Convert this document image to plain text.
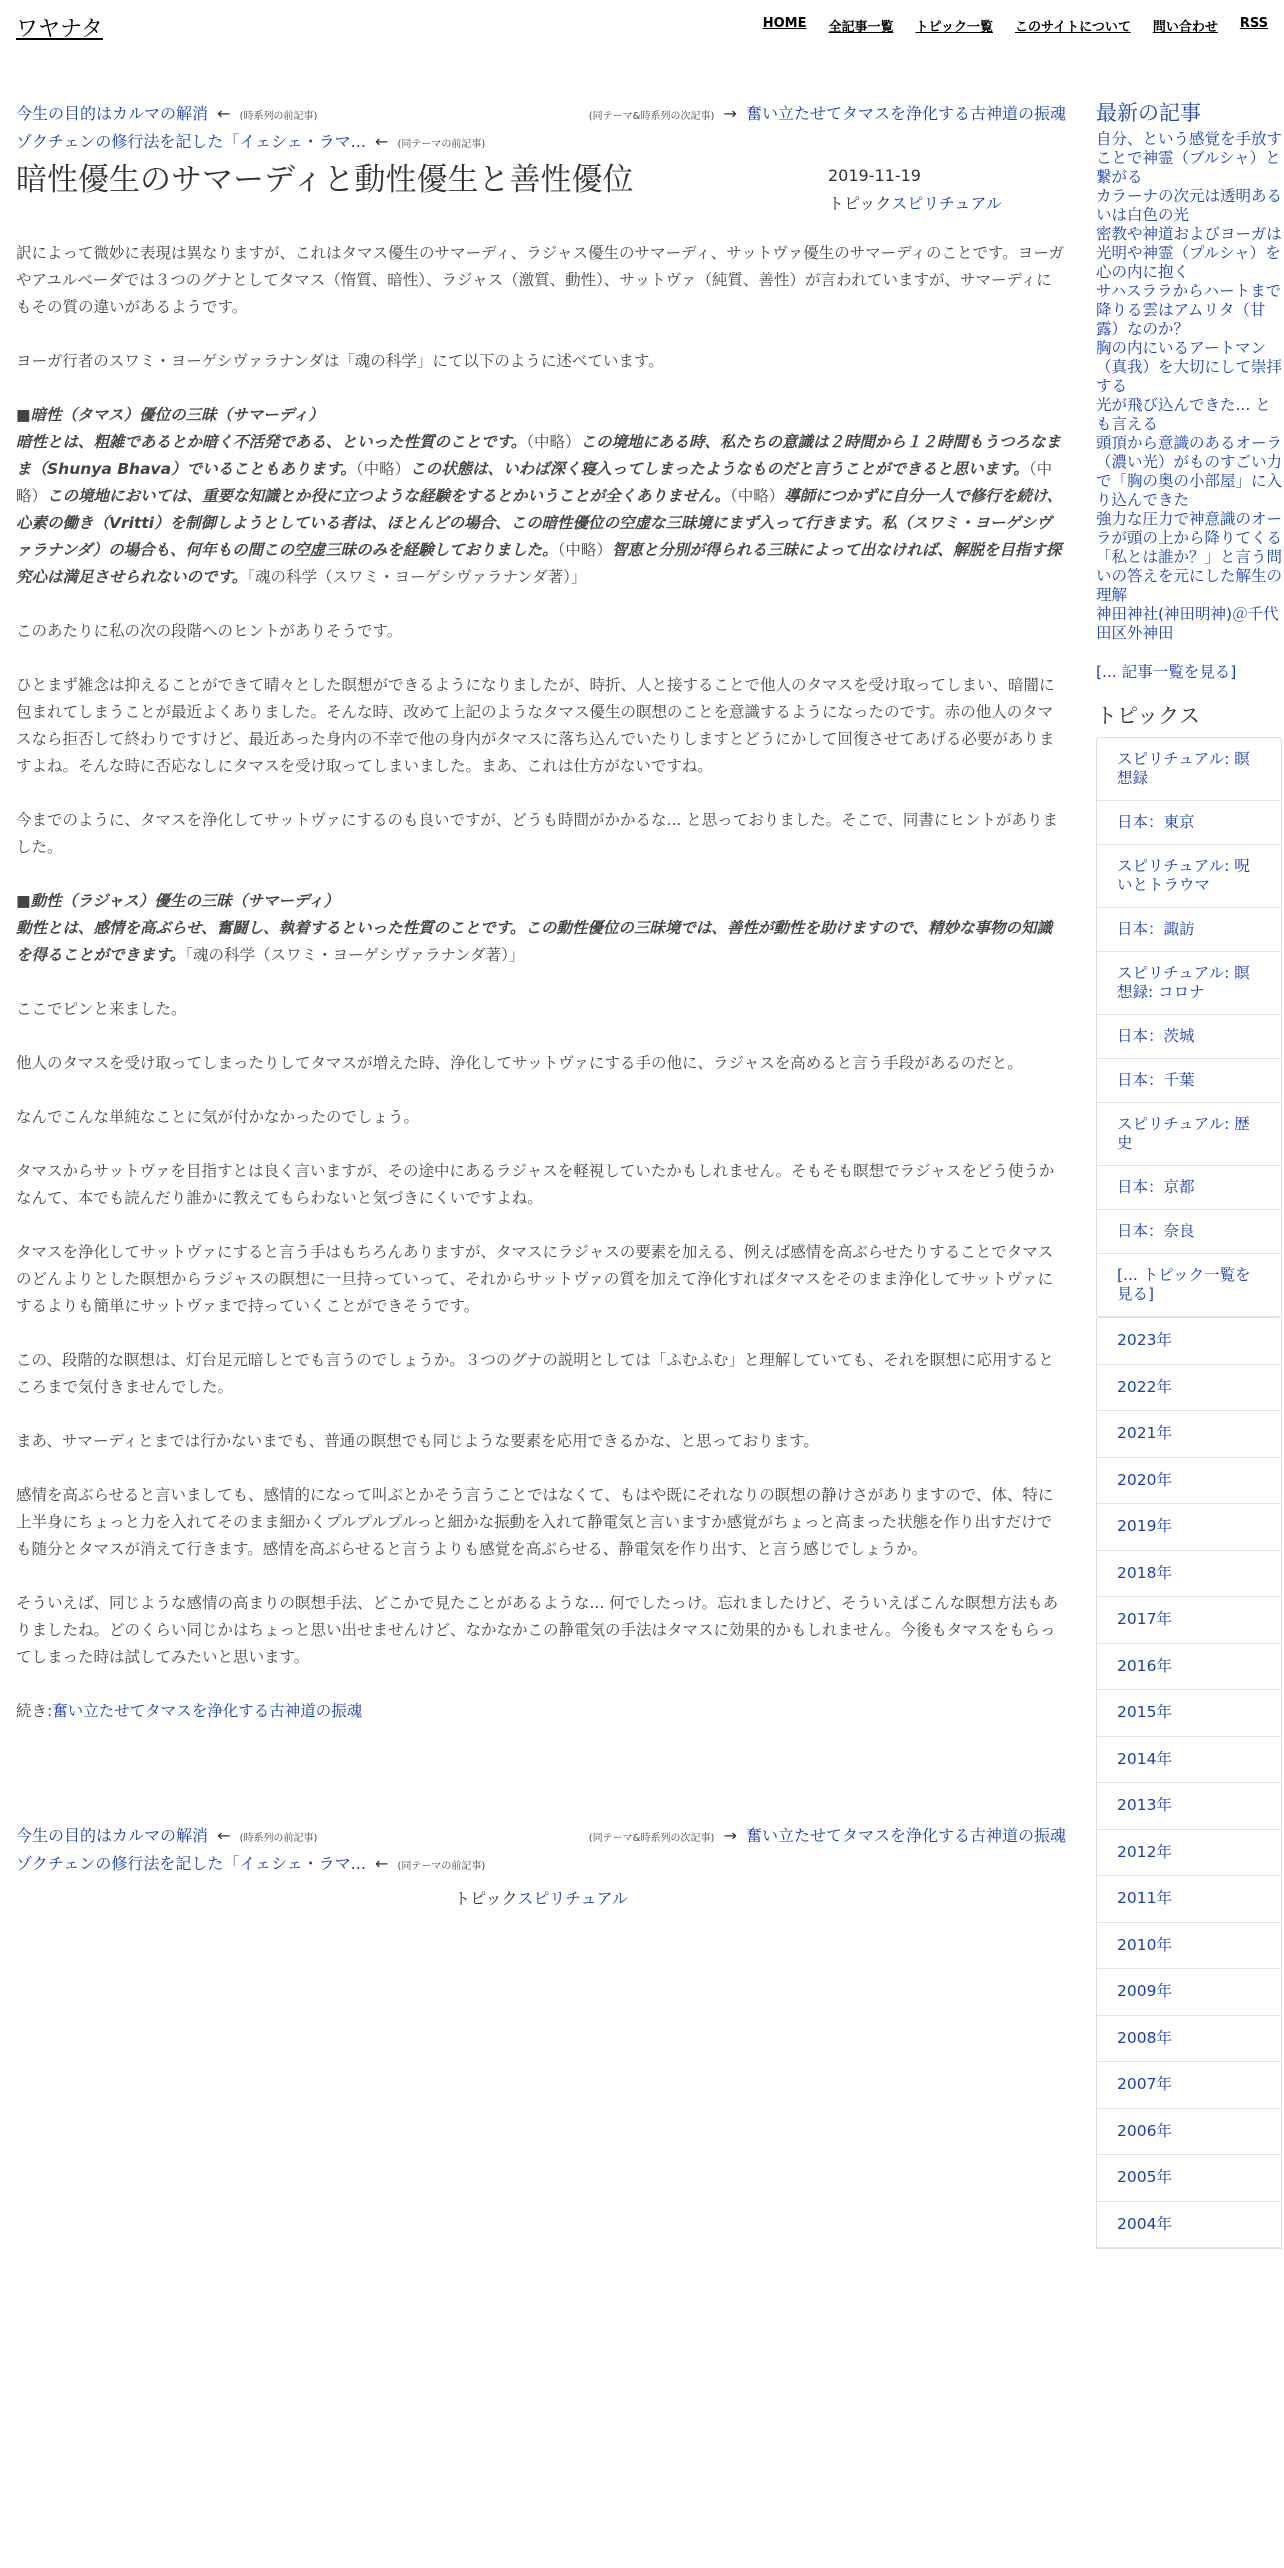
ワヤナタ	HOME 全記事一覧 トピック一覧 このサイトについて 問い合わせ RSS
今生の目的はカルマの解消 ← (時系列の前記事)	(同テーマ&時系列の次記事) → 奮い立たせてタマスを浄化する古神道の振魂
ゾクチェンの修行法を記した「イェシェ・ラマ... ← (同テーマの前記事)
暗性優生のサマーディと動性優生と善性優位	2019-11-19
トピックスピリチュアル

訳によって微妙に表現は異なりますが、これはタマス優生のサマーディ、ラジャス優生のサマーディ、サットヴァ優生のサマーディのことです。ヨーガやアユルベーダでは３つのグナとしてタマス（惰質、暗性）、ラジャス（激質、動性）、サットヴァ（純質、善性）が言われていますが、サマーディにもその質の違いがあるようです。

ヨーガ行者のスワミ・ヨーゲシヴァラナンダは「魂の科学」にて以下のように述べています。

■暗性（タマス）優位の三昧（サマーディ）
暗性とは、粗雑であるとか暗く不活発である、といった性質のことです。（中略）この境地にある時、私たちの意識は２時間から１２時間もうつろなまま（Shunya Bhava）でいることもあります。（中略）この状態は、いわば深く寝入ってしまったようなものだと言うことができると思います。（中略）この境地においては、重要な知識とか役に立つような経験をするとかいうことが全くありません。（中略）導師につかずに自分一人で修行を続け、心素の働き（Vritti）を制御しようとしている者は、ほとんどの場合、この暗性優位の空虚な三昧境にまず入って行きます。私（スワミ・ヨーゲシヴァラナンダ）の場合も、何年もの間この空虚三昧のみを経験しておりました。（中略）智恵と分別が得られる三昧によって出なければ、解脱を目指す探究心は満足させられないのです。「魂の科学（スワミ・ヨーゲシヴァラナンダ著）」

このあたりに私の次の段階へのヒントがありそうです。

ひとまず雑念は抑えることができて晴々とした瞑想ができるようになりましたが、時折、人と接することで他人のタマスを受け取ってしまい、暗闇に包まれてしまうことが最近よくありました。そんな時、改めて上記のようなタマス優生の瞑想のことを意識するようになったのです。赤の他人のタマスなら拒否して終わりですけど、最近あった身内の不幸で他の身内がタマスに落ち込んでいたりしますとどうにかして回復させてあげる必要がありますよね。そんな時に否応なしにタマスを受け取ってしまいました。まあ、これは仕方がないですね。

今までのように、タマスを浄化してサットヴァにするのも良いですが、どうも時間がかかるな... と思っておりました。そこで、同書にヒントがありました。

■動性（ラジャス）優生の三昧（サマーディ）
動性とは、感情を高ぶらせ、奮闘し、執着するといった性質のことです。この動性優位の三昧境では、善性が動性を助けますので、精妙な事物の知識を得ることができます。「魂の科学（スワミ・ヨーゲシヴァラナンダ著）」

ここでピンと来ました。

他人のタマスを受け取ってしまったりしてタマスが増えた時、浄化してサットヴァにする手の他に、ラジャスを高めると言う手段があるのだと。

なんでこんな単純なことに気が付かなかったのでしょう。

タマスからサットヴァを目指すとは良く言いますが、その途中にあるラジャスを軽視していたかもしれません。そもそも瞑想でラジャスをどう使うかなんて、本でも読んだり誰かに教えてもらわないと気づきにくいですよね。

タマスを浄化してサットヴァにすると言う手はもちろんありますが、タマスにラジャスの要素を加える、例えば感情を高ぶらせたりすることでタマスのどんよりとした瞑想からラジャスの瞑想に一旦持っていって、それからサットヴァの質を加えて浄化すればタマスをそのまま浄化してサットヴァにするよりも簡単にサットヴァまで持っていくことができそうです。

この、段階的な瞑想は、灯台足元暗しとでも言うのでしょうか。３つのグナの説明としては「ふむふむ」と理解していても、それを瞑想に応用するところまで気付きませんでした。

まあ、サマーディとまでは行かないまでも、普通の瞑想でも同じような要素を応用できるかな、と思っております。

感情を高ぶらせると言いましても、感情的になって叫ぶとかそう言うことではなくて、もはや既にそれなりの瞑想の静けさがありますので、体、特に上半身にちょっと力を入れてそのまま細かくプルプルプルっと細かな振動を入れて静電気と言いますか感覚がちょっと高まった状態を作り出すだけでも随分とタマスが消えて行きます。感情を高ぶらせると言うよりも感覚を高ぶらせる、静電気を作り出す、と言う感じでしょうか。

そういえば、同じような感情の高まりの瞑想手法、どこかで見たことがあるような... 何でしたっけ。忘れましたけど、そういえばこんな瞑想方法もありましたね。どのくらい同じかはちょっと思い出せませんけど、なかなかこの静電気の手法はタマスに効果的かもしれません。今後もタマスをもらってしまった時は試してみたいと思います。

続き:奮い立たせてタマスを浄化する古神道の振魂

今生の目的はカルマの解消 ← (時系列の前記事)	(同テーマ&時系列の次記事) → 奮い立たせてタマスを浄化する古神道の振魂
ゾクチェンの修行法を記した「イェシェ・ラマ... ← (同テーマの前記事)
トピックスピリチュアル
最新の記事
自分、という感覚を手放すことで神霊（ブルシャ）と繋がる
カラーナの次元は透明あるいは白色の光
密教や神道およびヨーガは光明や神霊（プルシャ）を心の内に抱く
サハスララからハートまで降りる雲はアムリタ（甘露）なのか？
胸の内にいるアートマン（真我）を大切にして崇拝する
光が飛び込んできた... とも言える
頭頂から意識のあるオーラ（濃い光）がものすごい力で「胸の奥の小部屋」に入り込んできた
強力な圧力で神意識のオーラが頭の上から降りてくる
「私とは誰か？」と言う問いの答えを元にした解生の理解
神田神社(神田明神)＠千代田区外神田
[... 記事一覧を見る]
トピックス
スピリチュアル: 瞑想録
日本：東京
スピリチュアル: 呪いとトラウマ
日本：諏訪
スピリチュアル: 瞑想録: コロナ
日本：茨城
日本：千葉
スピリチュアル: 歴史
日本：京都
日本：奈良
[... トピック一覧を見る]
2023年
2022年
2021年
2020年
2019年
2018年
2017年
2016年
2015年
2014年
2013年
2012年
2011年
2010年
2009年
2008年
2007年
2006年
2005年
2004年
